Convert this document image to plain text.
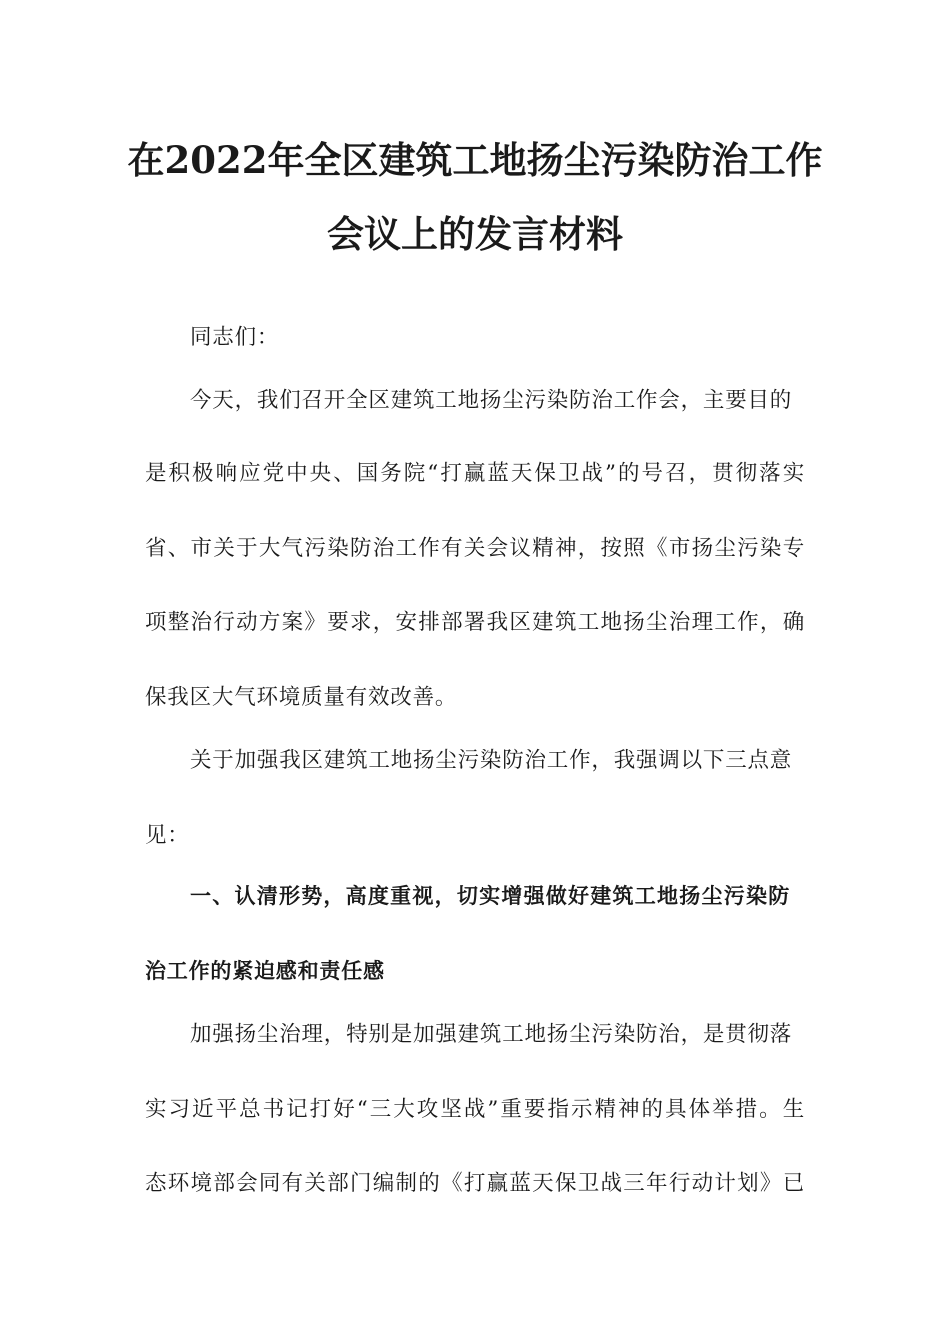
在2022年全区建筑工地扬尘污染防治工作
会议上的发言材料
同志们：
今天，我们召开全区建筑工地扬尘污染防治工作会，主要目的
是积极响应党中央、国务院“打赢蓝天保卫战”的号召，贯彻落实
省、市关于大气污染防治工作有关会议精神，按照《市扬尘污染专
项整治行动方案》要求，安排部署我区建筑工地扬尘治理工作，确
保我区大气环境质量有效改善。
关于加强我区建筑工地扬尘污染防治工作，我强调以下三点意
见：
一、认清形势，高度重视，切实增强做好建筑工地扬尘污染防
治工作的紧迫感和责任感
加强扬尘治理，特别是加强建筑工地扬尘污染防治，是贯彻落
实习近平总书记打好“三大攻坚战”重要指示精神的具体举措。生
态环境部会同有关部门编制的《打赢蓝天保卫战三年行动计划》已
